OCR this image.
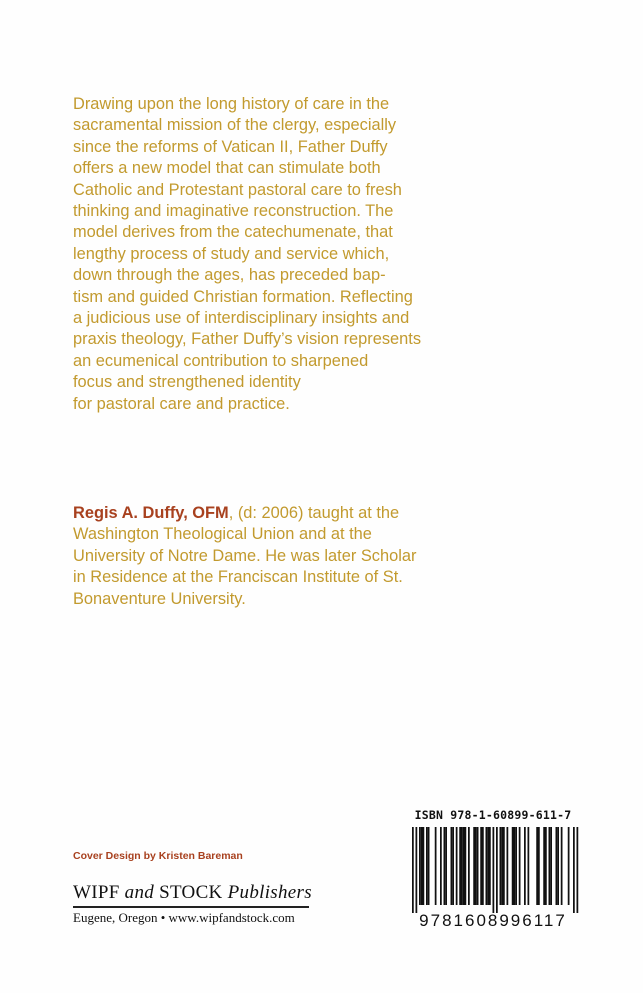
Drawing upon the long history of care in the
sacramental mission of the clergy, especially
since the reforms of Vatican II, Father Duffy
offers a new model that can stimulate both
Catholic and Protestant pastoral care to fresh
thinking and imaginative reconstruction. The
model derives from the catechumenate, that
lengthy process of study and service which,
down through the ages, has preceded bap-
tism and guided Christian formation. Reflecting
a judicious use of interdisciplinary insights and
praxis theology, Father Duffy’s vision represents
an ecumenical contribution to sharpened
focus and strengthened identity
for pastoral care and practice.
Regis A. Duffy, OFM, (d: 2006) taught at the
Washington Theological Union and at the
University of Notre Dame. He was later Scholar
in Residence at the Franciscan Institute of St.
Bonaventure University.
Cover Design by Kristen Bareman
WIPF and STOCK Publishers
Eugene, Oregon • www.wipfandstock.com
ISBN 978-1-60899-611-7
9781608996117
